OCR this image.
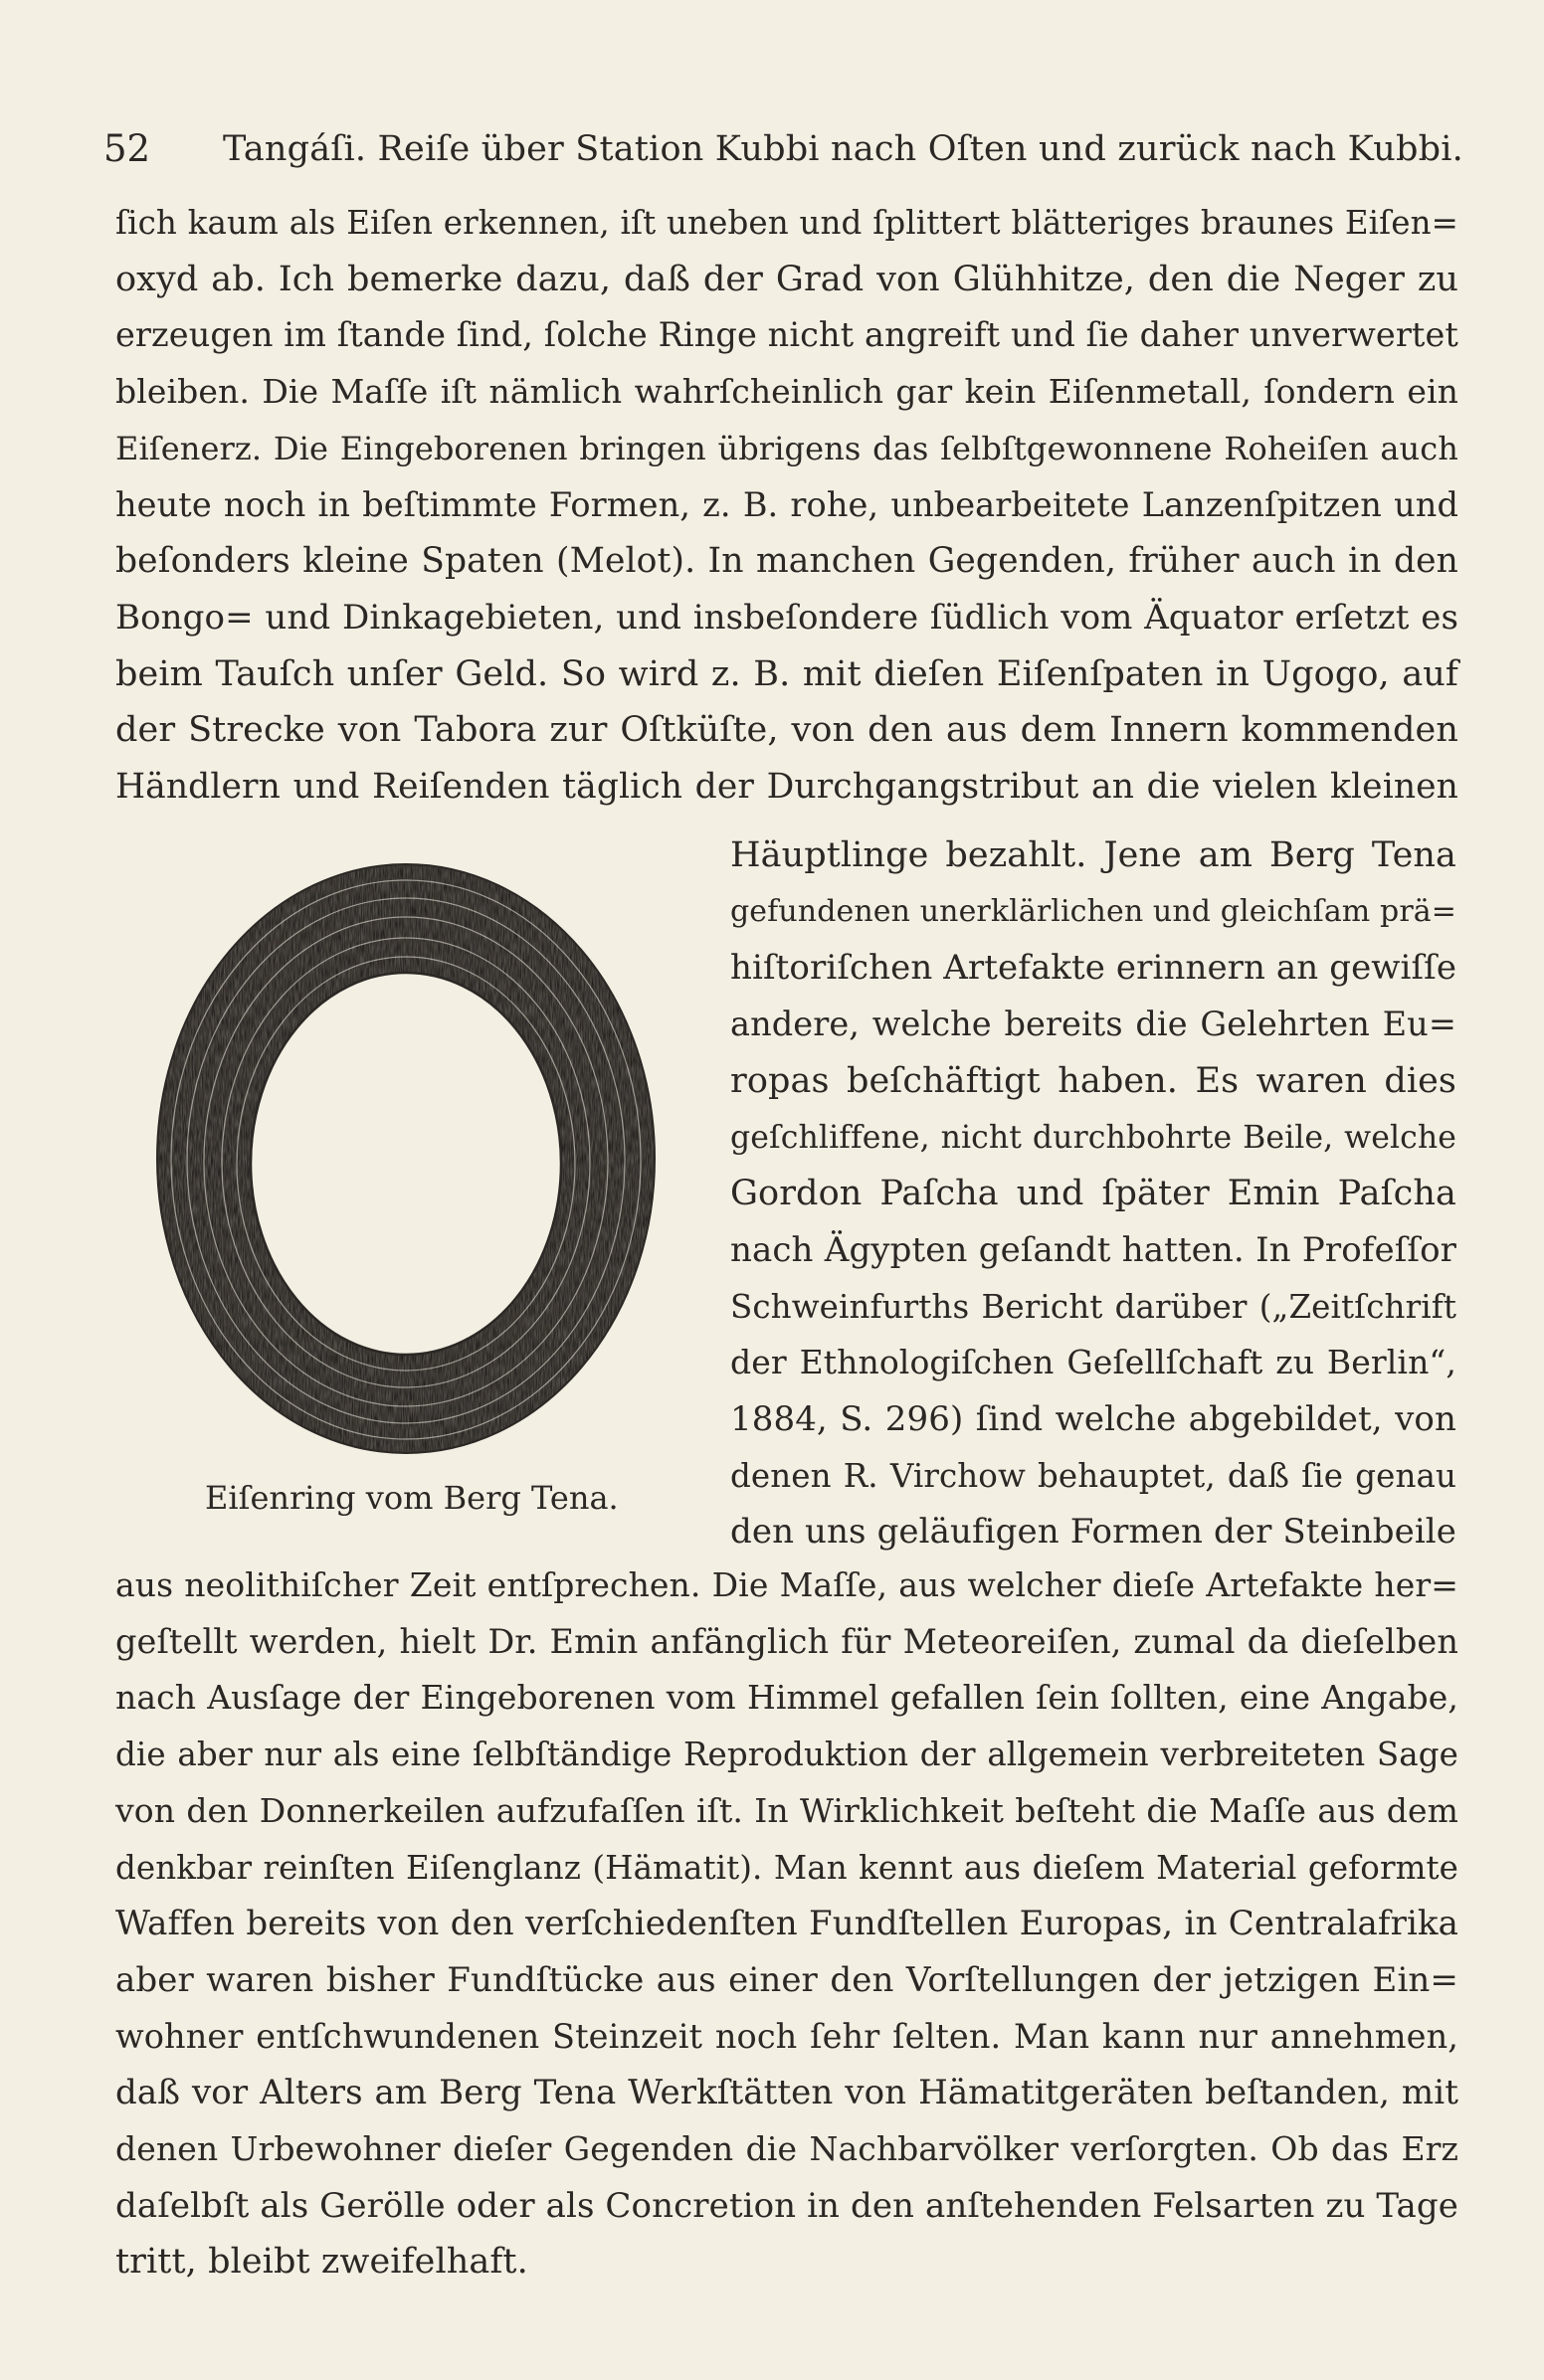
52 Tangáſi. Reiſe über Station Kubbi nach Oſten und zurück nach Kubbi.

ſich kaum als Eiſen erkennen, iſt uneben und ſplittert blätteriges braunes Eiſen=

oxyd ab. Ich bemerke dazu, daß der Grad von Glühhitze, den die Neger zu

erzeugen im ſtande ſind, ſolche Ringe nicht angreift und ſie daher unverwertet

bleiben. Die Maſſe iſt nämlich wahrſcheinlich gar kein Eiſenmetall, ſondern ein

Eiſenerz. Die Eingeborenen bringen übrigens das ſelbſtgewonnene Roheiſen auch

heute noch in beſtimmte Formen, z. B. rohe, unbearbeitete Lanzenſpitzen und

beſonders kleine Spaten (Melot). In manchen Gegenden, früher auch in den

Bongo= und Dinkagebieten, und insbeſondere ſüdlich vom Äquator erſetzt es

beim Tauſch unſer Geld. So wird z. B. mit dieſen Eiſenſpaten in Ugogo, auf

der Strecke von Tabora zur Oſtküſte, von den aus dem Innern kommenden

Händlern und Reiſenden täglich der Durchgangstribut an die vielen kleinen

Eiſenring vom Berg Tena.

Häuptlinge bezahlt. Jene am Berg Tena

gefundenen unerklärlichen und gleichſam prä=

hiſtoriſchen Artefakte erinnern an gewiſſe

andere, welche bereits die Gelehrten Eu=

ropas beſchäftigt haben. Es waren dies

geſchliffene, nicht durchbohrte Beile, welche

Gordon Paſcha und ſpäter Emin Paſcha

nach Ägypten geſandt hatten. In Profeſſor

Schweinfurths Bericht darüber („Zeitſchrift

der Ethnologiſchen Geſellſchaft zu Berlin“,

1884, S. 296) ſind welche abgebildet, von

denen R. Virchow behauptet, daß ſie genau

den uns geläufigen Formen der Steinbeile

aus neolithiſcher Zeit entſprechen. Die Maſſe, aus welcher dieſe Artefakte her=

geſtellt werden, hielt Dr. Emin anfänglich für Meteoreiſen, zumal da dieſelben

nach Ausſage der Eingeborenen vom Himmel gefallen ſein ſollten, eine Angabe,

die aber nur als eine ſelbſtändige Reproduktion der allgemein verbreiteten Sage

von den Donnerkeilen aufzufaſſen iſt. In Wirklichkeit beſteht die Maſſe aus dem

denkbar reinſten Eiſenglanz (Hämatit). Man kennt aus dieſem Material geformte

Waffen bereits von den verſchiedenſten Fundſtellen Europas, in Centralafrika

aber waren bisher Fundſtücke aus einer den Vorſtellungen der jetzigen Ein=

wohner entſchwundenen Steinzeit noch ſehr ſelten. Man kann nur annehmen,

daß vor Alters am Berg Tena Werkſtätten von Hämatitgeräten beſtanden, mit

denen Urbewohner dieſer Gegenden die Nachbarvölker verſorgten. Ob das Erz

daſelbſt als Gerölle oder als Concretion in den anſtehenden Felsarten zu Tage

tritt, bleibt zweifelhaft.
